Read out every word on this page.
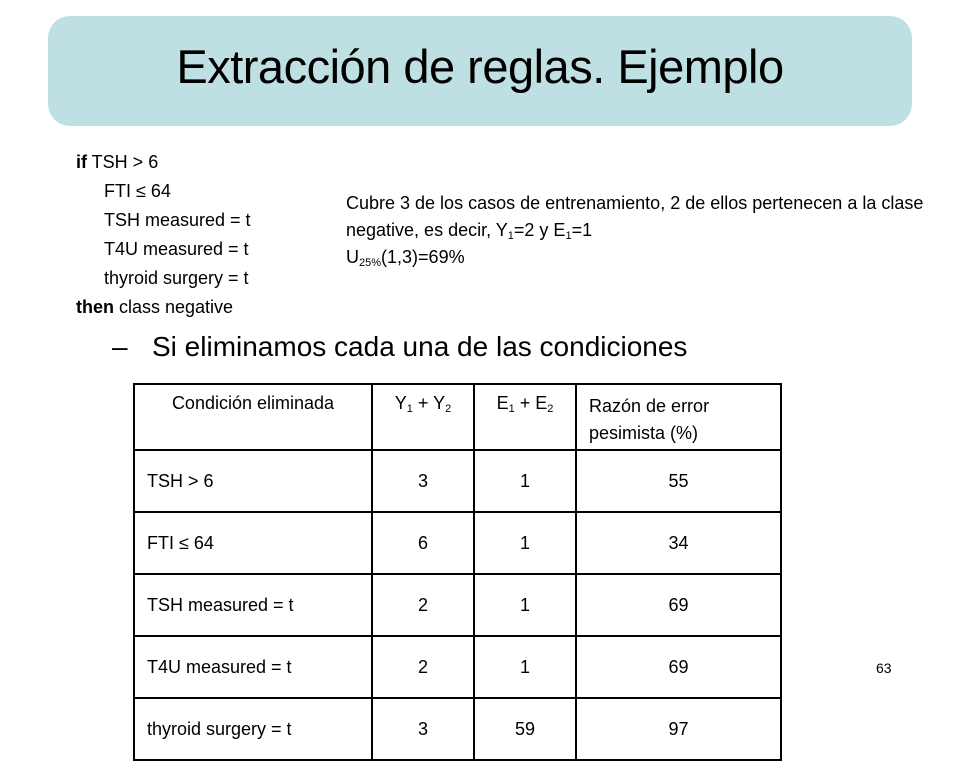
Extracción de reglas. Ejemplo
if TSH > 6
FTI ≤ 64
TSH measured = t
T4U measured = t
thyroid surgery = t
then class negative
Cubre 3 de los casos de entrenamiento, 2 de ellos pertenecen a la clase negative, es decir, $Y_1=2$ y $E_1=1$
$U_{25\%}(1,3)=69\%$
– Si eliminamos cada una de las condiciones
Condición eliminada	$Y_1 + Y_2$	$E_1 + E_2$	Razón de error pesimista (%)
TSH > 6	3	1	55
FTI ≤ 64	6	1	34
TSH measured = t	2	1	69
T4U measured = t	2	1	69
thyroid surgery = t	3	59	97
63
